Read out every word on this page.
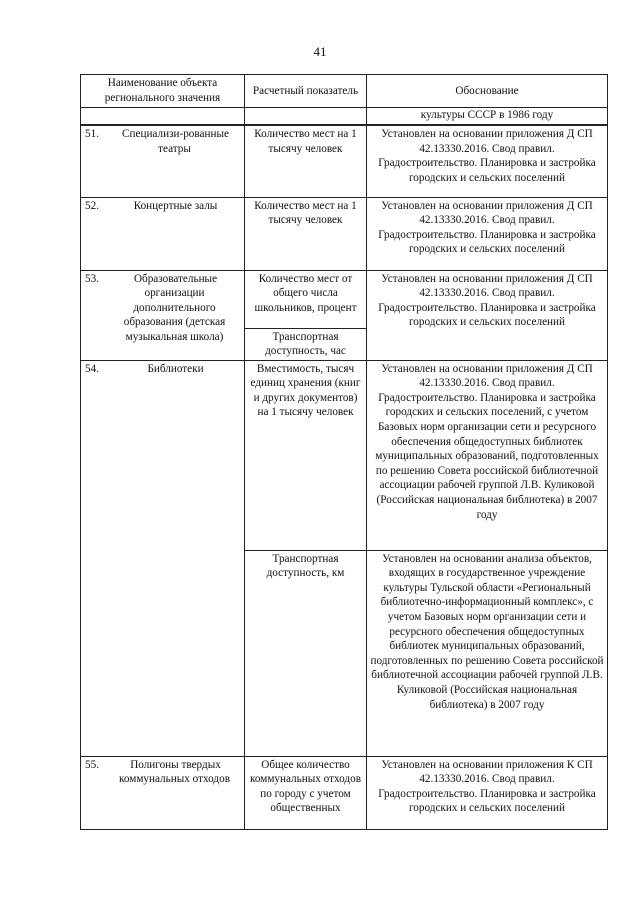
41
Наименование объекта регионального значения	Расчетный показатель	Обоснование
		культуры СССР в 1986 году

51. Специализи-рованные театры	Количество мест на 1 тысячу человек	Установлен на основании приложения Д СП 42.13330.2016. Свод правил. Градостроительство. Планировка и застройка городских и сельских поселений

52. Концертные залы	Количество мест на 1 тысячу человек	Установлен на основании приложения Д СП 42.13330.2016. Свод правил. Градостроительство. Планировка и застройка городских и сельских поселений

53. Образовательные организации дополнительного образования (детская музыкальная школа)	Количество мест от общего числа школьников, процент	Установлен на основании приложения Д СП 42.13330.2016. Свод правил. Градостроительство. Планировка и застройка городских и сельских поселений
	Транспортная доступность, час	

54. Библиотеки	Вместимость, тысяч единиц хранения (книг и других документов) на 1 тысячу человек	Установлен на основании приложения Д СП 42.13330.2016. Свод правил. Градостроительство. Планировка и застройка городских и сельских поселений, с учетом Базовых норм организации сети и ресурсного обеспечения общедоступных библиотек муниципальных образований, подготовленных по решению Совета российской библиотечной ассоциации рабочей группой Л.В. Куликовой (Российская национальная библиотека) в 2007 году
	Транспортная доступность, км	Установлен на основании анализа объектов, входящих в государственное учреждение культуры Тульской области «Региональный библиотечно-информационный комплекс», с учетом Базовых норм организации сети и ресурсного обеспечения общедоступных библиотек муниципальных образований, подготовленных по решению Совета российской библиотечной ассоциации рабочей группой Л.В. Куликовой (Российская национальная библиотека) в 2007 году

55. Полигоны твердых коммунальных отходов	Общее количество коммунальных отходов по городу с учетом общественных	Установлен на основании приложения К СП 42.13330.2016. Свод правил. Градостроительство. Планировка и застройка городских и сельских поселений
